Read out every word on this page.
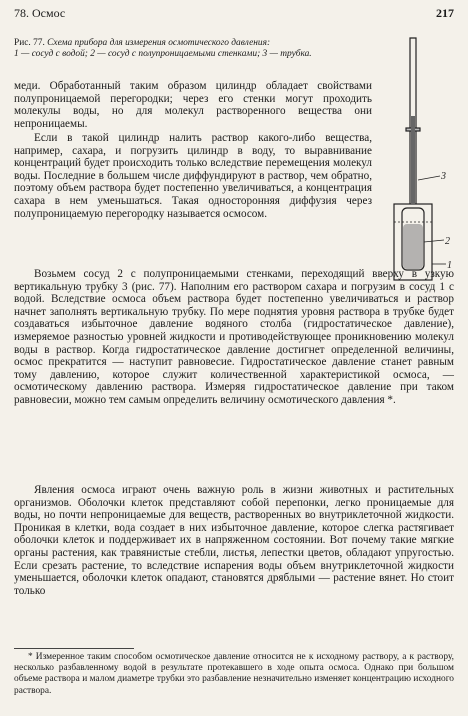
78. Осмос	217
Рис. 77. Схема прибора для измерения осмотического давления:
1 — сосуд с водой; 2 — сосуд с полупроницаемыми стенками; 3 — трубка.
3
2
1

меди. Обработанный таким образом цилиндр обладает свойствами полупроницаемой перегородки; через его стенки могут проходить молекулы воды, но для молекул растворенного вещества они непроницаемы.

Если в такой цилиндр налить раствор какого-либо вещества, например, сахара, и погрузить цилиндр в воду, то выравнивание концентраций будет происходить только вследствие перемещения молекул воды. Последние в большем числе диффундируют в раствор, чем обратно, поэтому объем раствора будет постепенно увеличиваться, а концентрация сахара в нем уменьшаться. Такая односторонняя диффузия через полупроницаемую перегородку называется осмосом.

Возьмем сосуд 2 с полупроницаемыми стенками, переходящий вверху в узкую вертикальную трубку 3 (рис. 77). Наполним его раствором сахара и погрузим в сосуд 1 с водой. Вследствие осмоса объем раствора будет постепенно увеличиваться и раствор начнет заполнять вертикальную трубку. По мере поднятия уровня раствора в трубке будет создаваться избыточное давление водяного столба (гидростатическое давление), измеряемое разностью уровней жидкости и противодействующее проникновению молекул воды в раствор. Когда гидростатическое давление достигнет определенной величины, осмос прекратится — наступит равновесие. Гидростатическое давление станет равным тому давлению, которое служит количественной характеристикой осмоса, — осмотическому давлению раствора. Измеряя гидростатическое давление при таком равновесии, можно тем самым определить величину осмотического давления *.

Явления осмоса играют очень важную роль в жизни животных и растительных организмов. Оболочки клеток представляют собой перепонки, легко проницаемые для воды, но почти непроницаемые для веществ, растворенных во внутриклеточной жидкости. Проникая в клетки, вода создает в них избыточное давление, которое слегка растягивает оболочки клеток и поддерживает их в напряженном состоянии. Вот почему такие мягкие органы растения, как травянистые стебли, листья, лепестки цветов, обладают упругостью. Если срезать растение, то вследствие испарения воды объем внутриклеточной жидкости уменьшается, оболочки клеток опадают, становятся дряблыми — растение вянет. Но стоит только

* Измеренное таким способом осмотическое давление относится не к исходному раствору, а к раствору, несколько разбавленному водой в результате протекавшего в ходе опыта осмоса. Однако при большом объеме раствора и малом диаметре трубки это разбавление незначительно изменяет концентрацию исходного раствора.
